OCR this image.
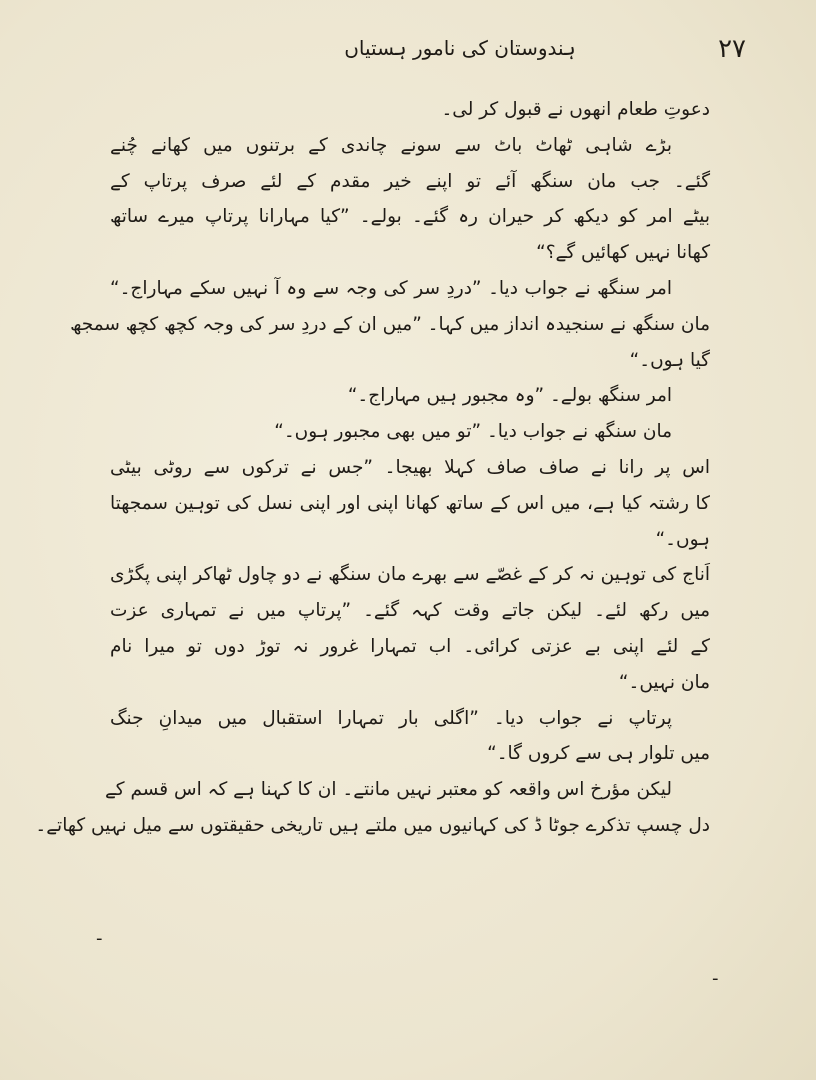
۲۷
ہندوستان کی نامور ہستیاں
دعوتِ طعام انھوں نے قبول کر لی۔
بڑے شاہی ٹھاٹ باٹ سے سونے چاندی کے برتنوں میں کھانے چُنے
گئے۔ جب مان سنگھ آئے تو اپنے خیر مقدم کے لئے صرف پرتاپ کے
بیٹے امر کو دیکھ کر حیران رہ گئے۔ بولے۔ ”کیا مہارانا پرتاپ میرے ساتھ
کھانا نہیں کھائیں گے؟“
امر سنگھ نے جواب دیا۔ ”دردِ سر کی وجہ سے وہ آ نہیں سکے مہاراج۔“
مان سنگھ نے سنجیدہ انداز میں کہا۔ ”میں ان کے دردِ سر کی وجہ کچھ کچھ سمجھ
گیا ہوں۔“
امر سنگھ بولے۔ ”وہ مجبور ہیں مہاراج۔“
مان سنگھ نے جواب دیا۔ ”تو میں بھی مجبور ہوں۔“
اس پر رانا نے صاف صاف کہلا بھیجا۔ ”جس نے ترکوں سے روٹی بیٹی
کا رشتہ کیا ہے، میں اس کے ساتھ کھانا اپنی اور اپنی نسل کی توہین سمجھتا
ہوں۔“
اَناج کی توہین نہ کر کے غصّے سے بھرے مان سنگھ نے دو چاول ٹھاکر اپنی پگڑی
میں رکھ لئے۔ لیکن جاتے وقت کہہ گئے۔ ”پرتاپ میں نے تمہاری عزت
کے لئے اپنی بے عزتی کرائی۔ اب تمہارا غرور نہ توڑ دوں تو میرا نام
مان نہیں۔“
پرتاپ نے جواب دیا۔ ”اگلی بار تمہارا استقبال میں میدانِ جنگ
میں تلوار ہی سے کروں گا۔“
لیکن مؤرخ اس واقعہ کو معتبر نہیں مانتے۔ ان کا کہنا ہے کہ اس قسم کے
دل چسپ تذکرے جوٹا ڈ کی کہانیوں میں ملتے ہیں تاریخی حقیقتوں سے میل نہیں کھاتے۔
-
-
